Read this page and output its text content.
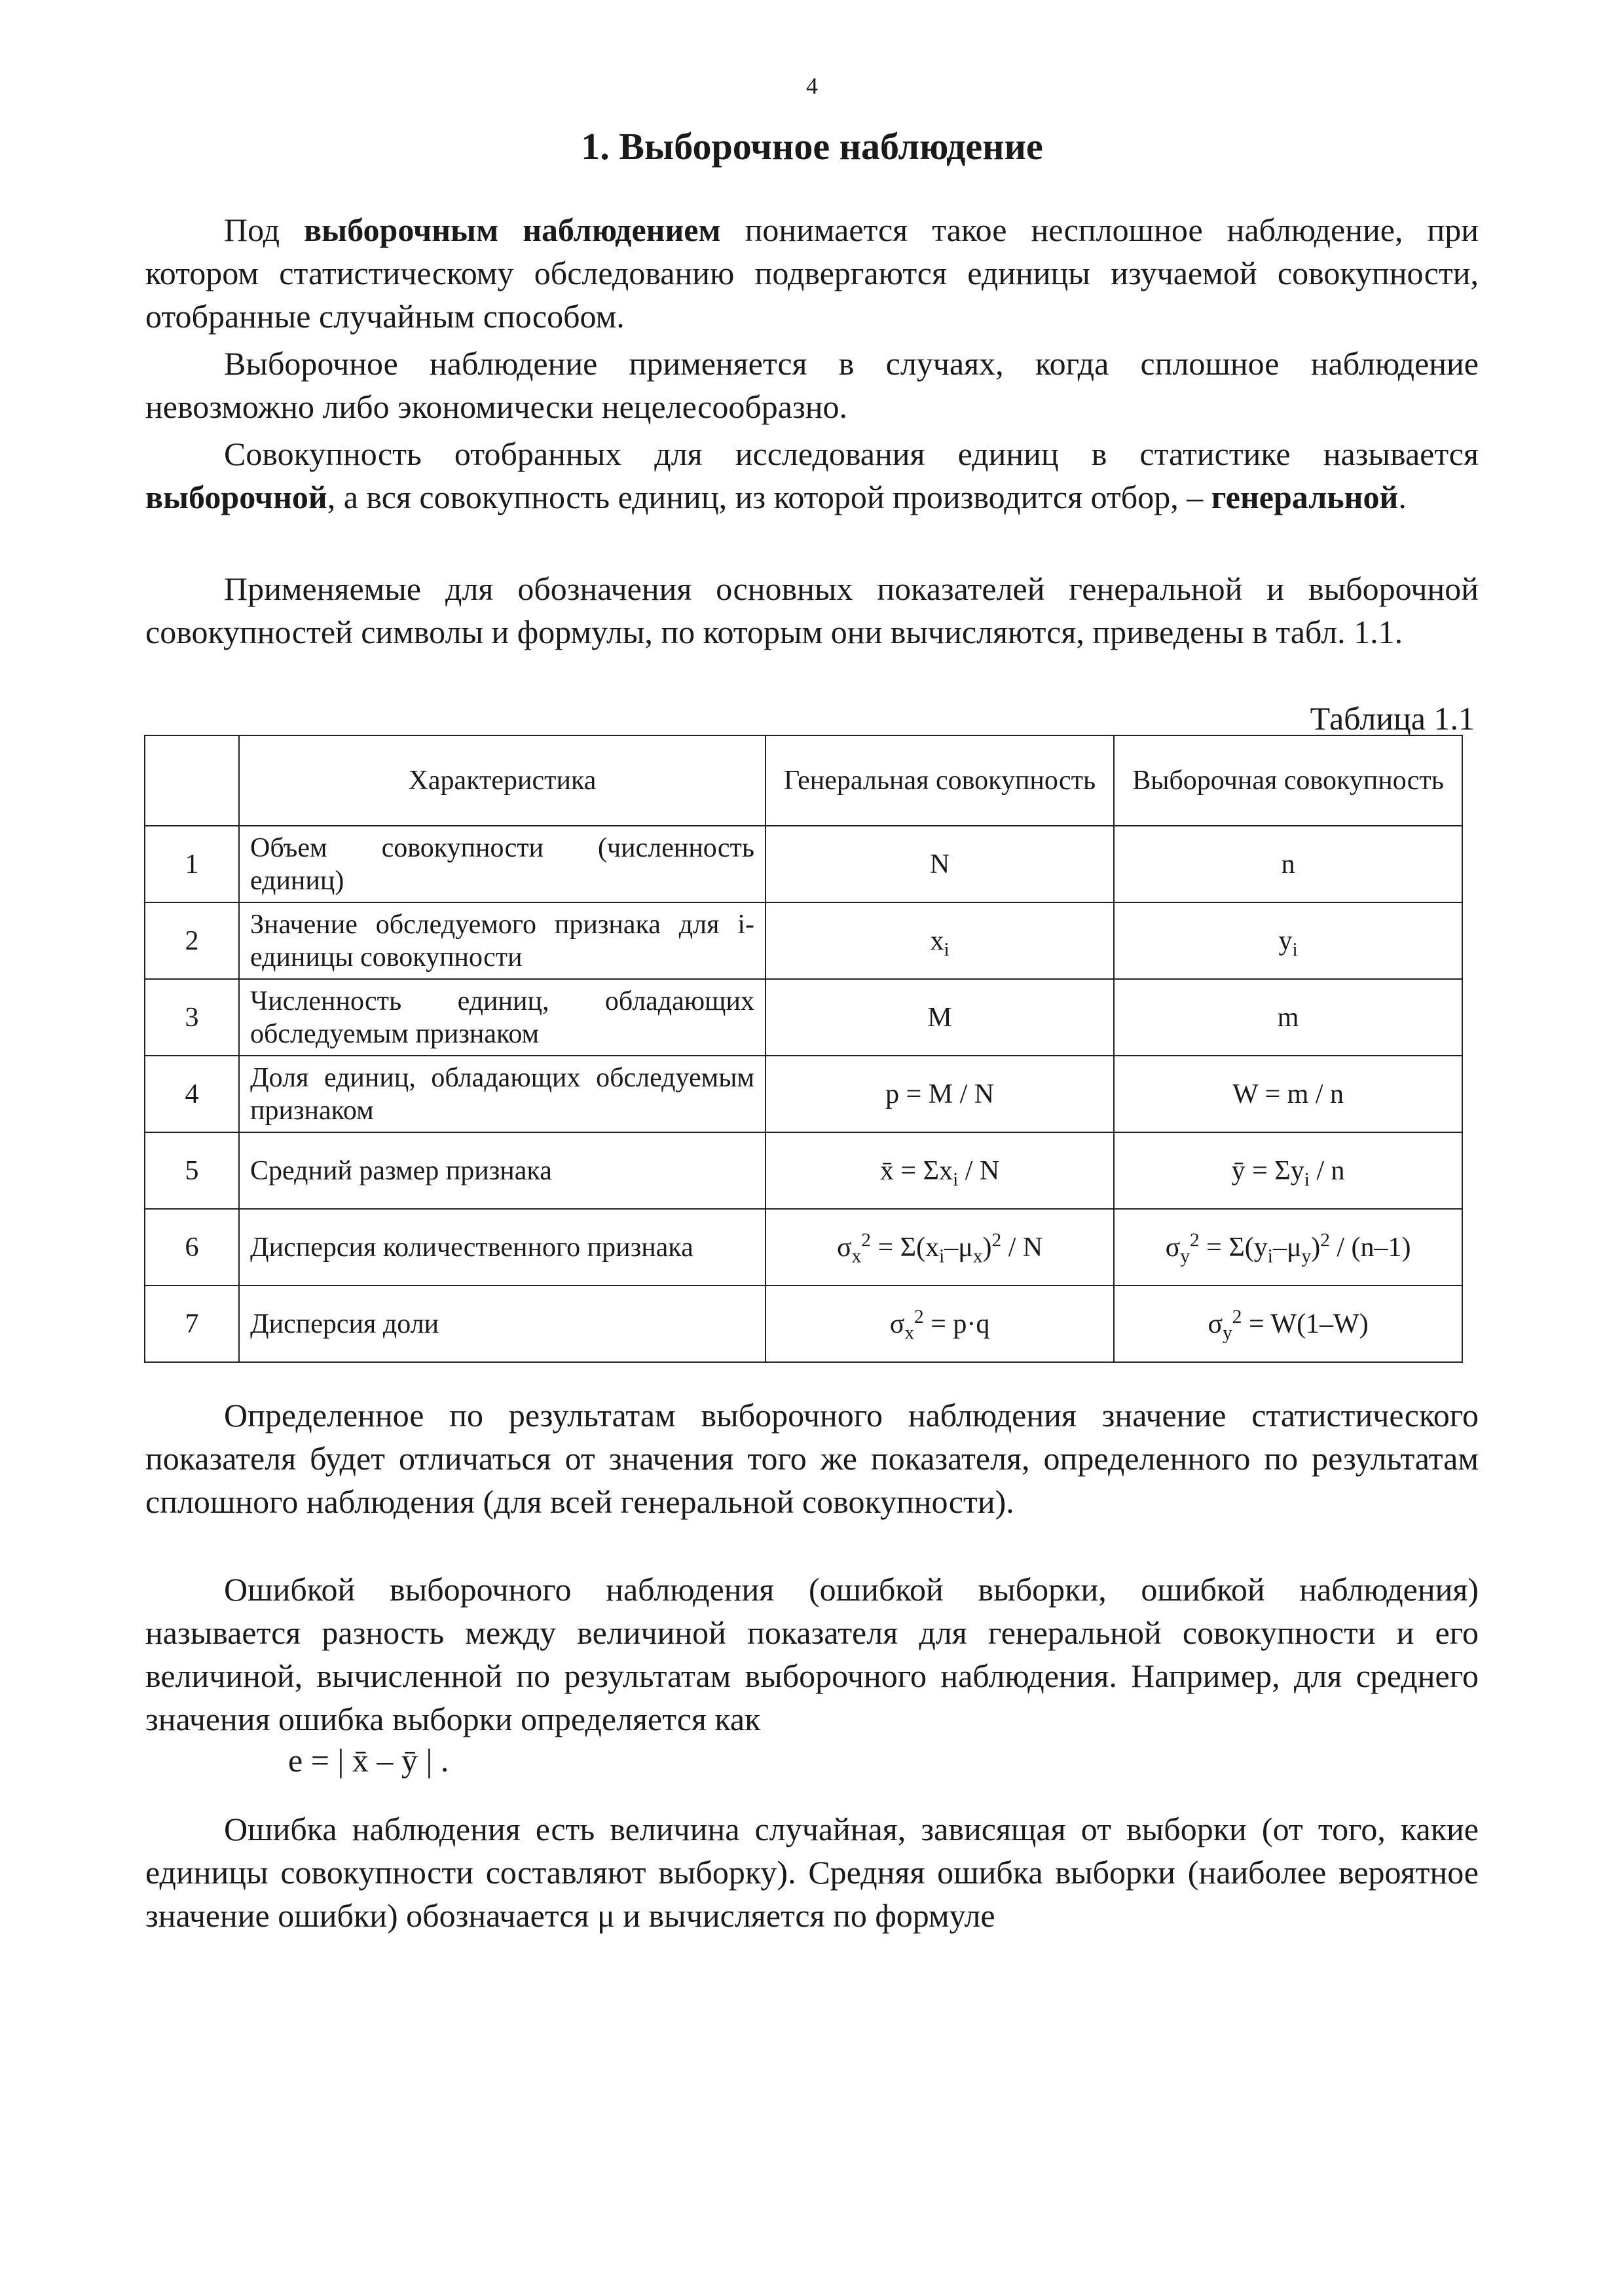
4
1. Выборочное наблюдение

Под выборочным наблюдением понимается такое несплошное наблюдение, при котором статистическому обследованию подвергаются единицы изучаемой совокупности, отобранные случайным способом.

Выборочное наблюдение применяется в случаях, когда сплошное наблюдение невозможно либо экономически нецелесообразно.

Совокупность отобранных для исследования единиц в статистике называется выборочной, а вся совокупность единиц, из которой производится отбор, – генеральной.

Применяемые для обозначения основных показателей генеральной и выборочной совокупностей символы и формулы, по которым они вычисляются, приведены в табл. 1.1.

Таблица 1.1
	Характеристика	Генеральная совокупность	Выборочная совокупность
1	Объем совокупности (численность единиц)	N	n
2	Значение обследуемого признака для i-единицы совокупности	$x_i$	$y_i$
3	Численность единиц, обладающих обследуемым признаком	M	m
4	Доля единиц, обладающих обследуемым признаком	p = M / N	W = m / n
5	Средний размер признака	x̄ = $\Sigma x_i$ / N	ȳ = $\Sigma y_i$ / n
6	Дисперсия количественного признака	$\sigma_x^2 = \Sigma(x_i-\mu_x)^2 / N$	$\sigma_y^2 = \Sigma(y_i-\mu_y)^2 / (n-1)$
7	Дисперсия доли	$\sigma_x^2 = p\cdot q$	$\sigma_y^2 = W(1-W)$

Определенное по результатам выборочного наблюдения значение статистического показателя будет отличаться от значения того же показателя, определенного по результатам сплошного наблюдения (для всей генеральной совокупности).

Ошибкой выборочного наблюдения (ошибкой выборки, ошибкой наблюдения) называется разность между величиной показателя для генеральной совокупности и его величиной, вычисленной по результатам выборочного наблюдения. Например, для среднего значения ошибка выборки определяется как

e = | x̄ – ȳ | .

Ошибка наблюдения есть величина случайная, зависящая от выборки (от того, какие единицы совокупности составляют выборку). Средняя ошибка выборки (наиболее вероятное значение ошибки) обозначается μ и вычисляется по формуле
